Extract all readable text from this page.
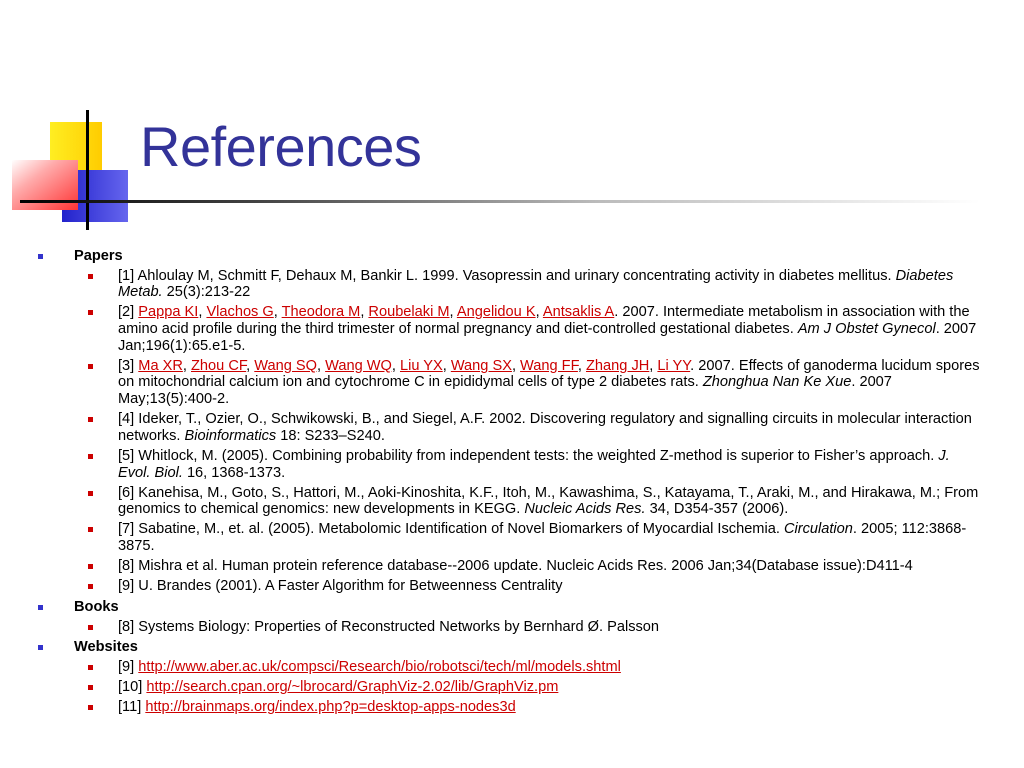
References
Papers
[1] Ahloulay M, Schmitt F, Dehaux M, Bankir L. 1999. Vasopressin and urinary concentrating activity in diabetes mellitus. Diabetes Metab. 25(3):213-22
[2] Pappa KI, Vlachos G, Theodora M, Roubelaki M, Angelidou K, Antsaklis A. 2007. Intermediate metabolism in association with the amino acid profile during the third trimester of normal pregnancy and diet-controlled gestational diabetes. Am J Obstet Gynecol. 2007 Jan;196(1):65.e1-5.
[3] Ma XR, Zhou CF, Wang SQ, Wang WQ, Liu YX, Wang SX, Wang FF, Zhang JH, Li YY. 2007. Effects of ganoderma lucidum spores on mitochondrial calcium ion and cytochrome C in epididymal cells of type 2 diabetes rats. Zhonghua Nan Ke Xue. 2007 May;13(5):400-2.
[4] Ideker, T., Ozier, O., Schwikowski, B., and Siegel, A.F. 2002. Discovering regulatory and signalling circuits in molecular interaction networks. Bioinformatics 18: S233–S240.
[5] Whitlock, M. (2005). Combining probability from independent tests: the weighted Z-method is superior to Fisher’s approach. J. Evol. Biol. 16, 1368-1373.
[6] Kanehisa, M., Goto, S., Hattori, M., Aoki-Kinoshita, K.F., Itoh, M., Kawashima, S., Katayama, T., Araki, M., and Hirakawa, M.; From genomics to chemical genomics: new developments in KEGG. Nucleic Acids Res. 34, D354-357 (2006).
[7] Sabatine, M., et. al. (2005). Metabolomic Identification of Novel Biomarkers of Myocardial Ischemia. Circulation. 2005; 112:3868-3875.
[8] Mishra et al. Human protein reference database--2006 update. Nucleic Acids Res. 2006 Jan;34(Database issue):D411-4
[9] U. Brandes (2001). A Faster Algorithm for Betweenness Centrality
Books
[8] Systems Biology: Properties of Reconstructed Networks by Bernhard Ø. Palsson
Websites
[9] http://www.aber.ac.uk/compsci/Research/bio/robotsci/tech/ml/models.shtml
[10] http://search.cpan.org/~lbrocard/GraphViz-2.02/lib/GraphViz.pm
[11] http://brainmaps.org/index.php?p=desktop-apps-nodes3d
